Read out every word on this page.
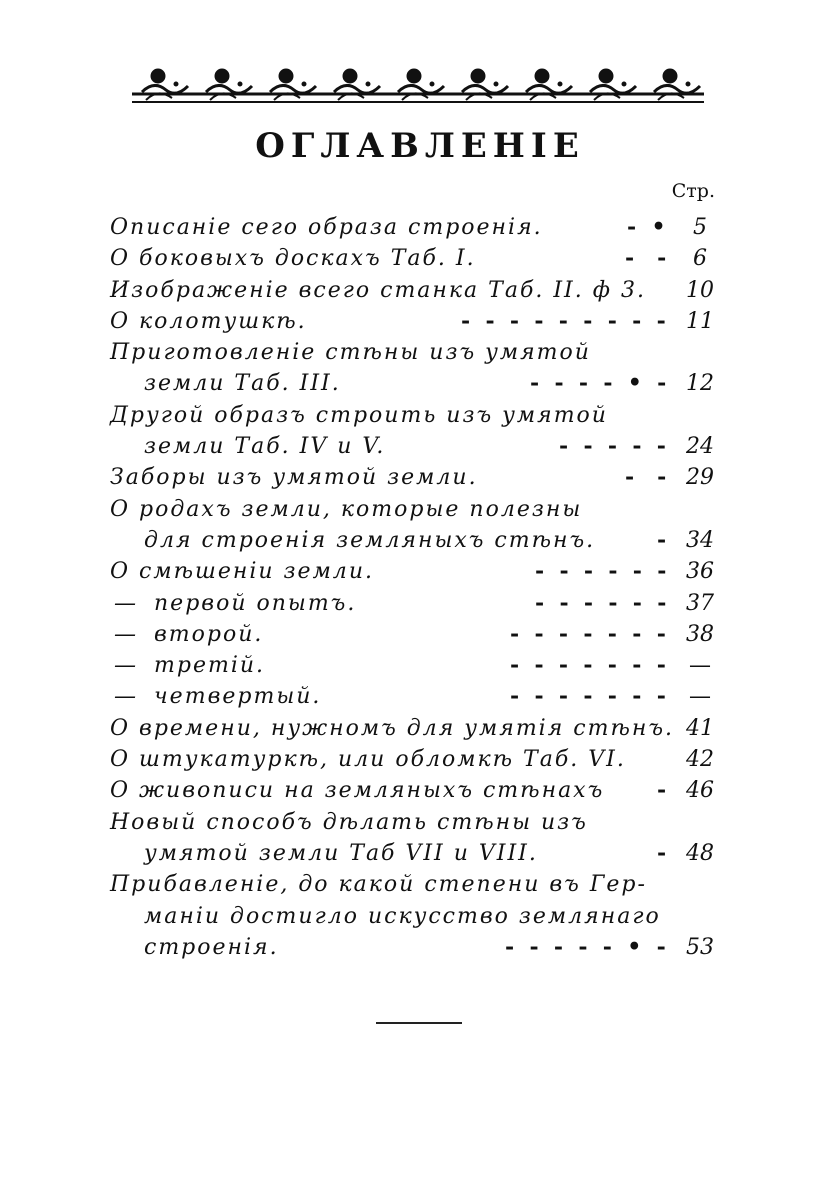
ОГЛАВЛЕНIЕ
Стр.
Описанiе сего образа строенiя.	-  •	5
О боковыхъ доскахъ Таб. I.	-   -	6
Изображенiе всего станка Таб. II. ф 3.	10
О колотушкѣ.	-  -  -  -  -  -  -  -  - 11
Приготовленiе стѣны изъ умятой
земли Таб. III.	-  -  -  -  •  - 12
Другой образъ строить изъ умятой
земли Таб. IV и V.	-  -  -  -  - 24
Заборы изъ умятой земли.	-   - 29
О родахъ земли, которые полезны
для строенiя земляныхъ стѣнъ.	- 34
О смѣшенiи земли.	-  -  -  -  -  - 36
— первой опытъ.	-  -  -  -  -  - 37
— второй.	-  -  -  -  -  -  - 38
— третiй.	-  -  -  -  -  -  -	—
— четвертый.	-  -  -  -  -  -  -	—
О времени, нужномъ для умятiя стѣнъ. 41
О штукатуркѣ, или обломкѣ Таб. VI.	42
О живописи на земляныхъ стѣнахъ - 46
Новый способъ дѣлать стѣны изъ
умятой земли Таб VII и VIII.	- 48
Прибавленiе, до какой степени въ Гер-
манiи достигло искусство землянаго
строенiя.	-  -  -  -  -  •  - 53
